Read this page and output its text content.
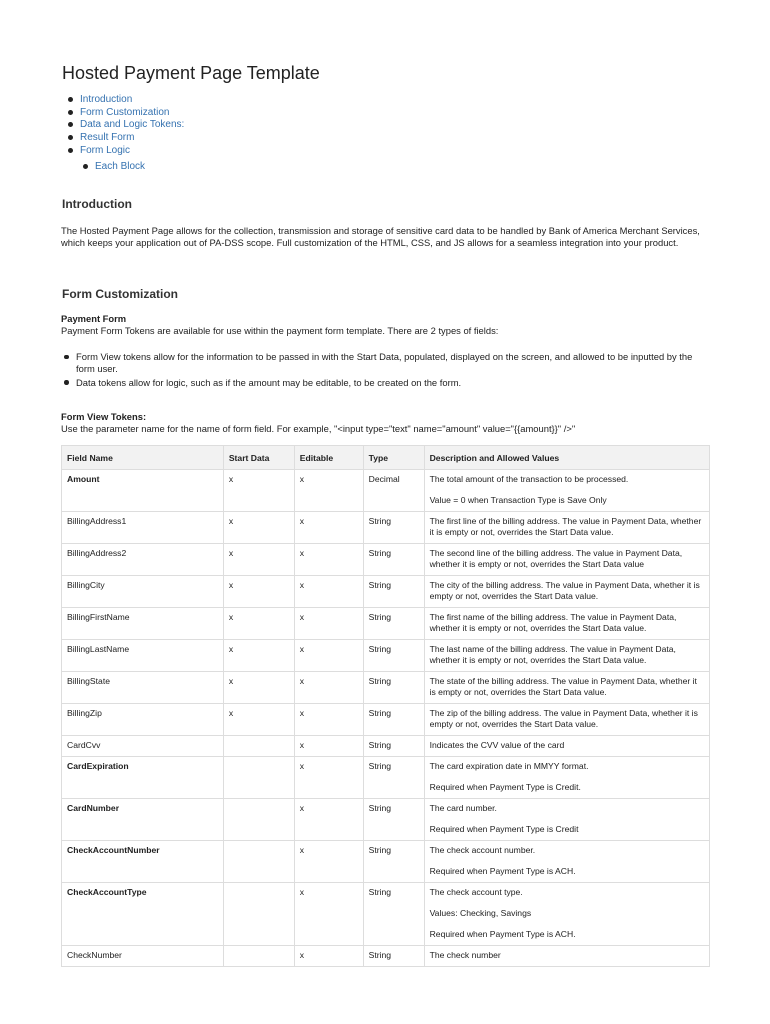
Hosted Payment Page Template
Introduction
Form Customization
Data and Logic Tokens:
Result Form
Form Logic
Each Block
Introduction

The Hosted Payment Page allows for the collection, transmission and storage of sensitive card data to be handled by Bank of America Merchant Services, which keeps your application out of PA-DSS scope. Full customization of the HTML, CSS, and JS allows for a seamless integration into your product.

Form Customization

Payment Form

Payment Form Tokens are available for use within the payment form template. There are 2 types of fields:

Form View tokens allow for the information to be passed in with the Start Data, populated, displayed on the screen, and allowed to be inputted by the form user.
Data tokens allow for logic, such as if the amount may be editable, to be created on the form.

Form View Tokens:

Use the parameter name for the name of form field. For example, "<input type="text" name="amount" value="{{amount}}" />"

Field Name	Start Data	Editable	Type	Description and Allowed Values
Amount	x	x	Decimal	The total amount of the transaction to be processed.

Value = 0 when Transaction Type is Save Only

BillingAddress1	x	x	String	The first line of the billing address. The value in Payment Data, whether it is empty or not, overrides the Start Data value.

BillingAddress2	x	x	String	The second line of the billing address. The value in Payment Data, whether it is empty or not, overrides the Start Data value

BillingCity	x	x	String	The city of the billing address. The value in Payment Data, whether it is empty or not, overrides the Start Data value.

BillingFirstName	x	x	String	The first name of the billing address. The value in Payment Data, whether it is empty or not, overrides the Start Data value.

BillingLastName	x	x	String	The last name of the billing address. The value in Payment Data, whether it is empty or not, overrides the Start Data value.

BillingState	x	x	String	The state of the billing address. The value in Payment Data, whether it is empty or not, overrides the Start Data value.

BillingZip	x	x	String	The zip of the billing address. The value in Payment Data, whether it is empty or not, overrides the Start Data value.

CardCvv		x	String	Indicates the CVV value of the card

CardExpiration		x	String	The card expiration date in MMYY format.

Required when Payment Type is Credit.

CardNumber		x	String	The card number.

Required when Payment Type is Credit

CheckAccountNumber		x	String	The check account number.

Required when Payment Type is ACH.

CheckAccountType		x	String	The check account type.

Values: Checking, Savings

Required when Payment Type is ACH.

CheckNumber		x	String	The check number
